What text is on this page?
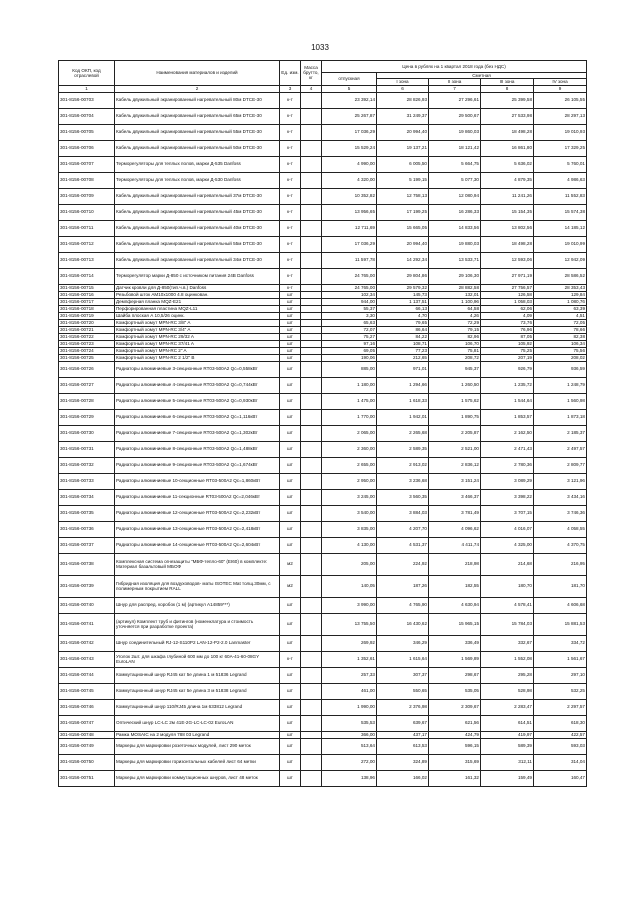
1033
Код ОКП, код отраслевой	Наименования материалов и изделий	Ед. изм.	Масса брутто, кг	Цена в рублях на 1 квартал 2018 года (без НДС)				
				отпускная	Сметная			
					I зона	II зона	III зона	IV зона
1	2	3	4	5	6	7	8	9
301-8156-00703	Кабель двужильный экранированный нагревательный 80м DTCE-30	к-т		23 392,14	28 826,93	27 296,61	25 399,58	26 105,55
301-8156-00704	Кабель двужильный экранированный нагревательный 65м DTCE-30	к-т		25 267,87	31 249,37	29 500,67	27 533,98	28 297,13
301-8156-00705	Кабель двужильный экранированный нагревательный 55м DTCE-30	к-т		17 036,29	20 994,40	19 860,03	18 498,28	19 010,93
301-8156-00706	Кабель двужильный экранированный нагревательный 50м DTCE-30	к-т		15 529,24	19 137,21	18 121,42	16 861,80	17 329,25
301-8156-00707	Терморегуляторы для теплых полов, марки Д-535 Danfoss	к-т		4 990,00	6 005,50	5 664,75	5 636,02	5 760,01
301-8156-00708	Терморегуляторы для теплых полов, марки Д-530 Danfoss	к-т		4 320,00	5 199,15	5 077,30	4 879,35	4 986,63
301-8156-00709	Кабель двужильный экранированный нагревательный 37м DTCE-30	к-т		10 352,82	12 758,13	12 080,94	11 241,26	11 552,83
301-8156-00710	Кабель двужильный экранированный нагревательный 45м DTCE-30	к-т		13 956,65	17 199,25	16 286,33	15 154,35	15 574,38
301-8156-00711	Кабель двужильный экранированный нагревательный 40м DTCE-30	к-т		12 711,69	15 665,05	14 833,56	13 802,56	14 185,12
301-8156-00712	Кабель двужильный экранированный нагревательный 55м DTCE-30	к-т		17 036,29	20 994,40	19 880,03	18 498,28	19 010,99
301-8156-00713	Кабель двужильный экранированный нагревательный 34м DTCE-30	к-т		11 597,78	14 292,34	13 533,71	12 593,06	12 942,09
301-8156-00714	Терморегулятор марки Д-850 с источником питания 24В Danfoss	к-т		24 765,00	29 804,86	29 106,30	27 971,19	28 586,52
301-8156-00715	Датчик кровли для Д-850(тип.ч.в.) Danfoss	к-т		24 765,00	29 579,32	28 882,58	27 756,57	28 353,43
301-8156-00716	Резьбовой шток АМ10х1000 4.8 оцинкован.	шт		102,34	145,73	132,01	126,58	129,84
301-8156-00717	Демпферная планка MQZ-E21	шт		944,00	1 137,51	1 100,96	1 058,03	1 080,76
301-8156-00718	Перфорированная пластина MQZ-L11	шт		55,37	66,13	64,58	62,06	63,39
301-8156-00719	Шайба плоская А 10,5/26 оцинк.	шт		3,30	4,70	4,26	4,09	4,51
301-8156-00720	Комфортный хомут MPN-RC 3/8" A	шт		65,63	79,65	72,29	73,76	72,05
301-8156-00721	Комфортный хомут MPN-RC 3/4" A	шт		72,07	86,64	79,15	76,96	78,66
301-8156-00722	Комфортный хомут MPN-RC 29/32 A	шт		75,27	84,22	82,96	87,05	82,38
301-8156-00723	Комфортный хомут MPN-RC 37/41 A	шт		97,16	108,71	106,70	105,92	106,34
301-8156-00724	Комфортный хомут MPN-RC 2" A	шт		69,05	77,23	75,81	75,25	75,56
301-8156-00725	Комфортный хомут MPN-RC 2 1/2" B	шт		190,06	212,65	208,72	207,19	208,02
301-8156-00726	Радиаторы алюминиевые 3-секционные RT03-500A2 Qc=0,558кВт	шт		885,00	971,01	945,37	926,79	936,59
301-8156-00727	Радиаторы алюминиевые 4-секционные RT03-500A2 Qc=0,744кВт	шт		1 180,00	1 294,66	1 260,50	1 235,72	1 248,79
301-8156-00728	Радиаторы алюминиевые 5-секционные RT03-500A2 Qc=0,930кВт	шт		1 475,00	1 618,33	1 575,62	1 544,64	1 560,98
301-8156-00729	Радиаторы алюминиевые 6-секционные RT03-500A2 Qc=1,116кВт	шт		1 770,00	1 942,01	1 890,75	1 853,57	1 873,18
301-8156-00730	Радиаторы алюминиевые 7-секционные RT03-500A2 Qc=1,302кВт	шт		2 065,00	2 265,68	2 205,87	2 162,50	2 185,37
301-8156-00731	Радиаторы алюминиевые 8-секционные RT03-500A2 Qc=1,488кВт	шт		2 360,00	2 589,35	2 521,00	2 471,43	2 497,57
301-8156-00732	Радиаторы алюминиевые 9-секционные RT03-500A2 Qc=1,674кВт	шт		2 655,00	2 913,02	2 836,12	2 780,36	2 809,77
301-8156-00733	Радиаторы алюминиевые 10-секционные RT03-500A2 Qc=1,860кВт	шт		2 950,00	3 236,68	3 151,24	3 089,29	3 121,96
301-8156-00734	Радиаторы алюминиевые 11-секционные RT03-500A2 Qc=2,046кВт	шт		3 245,00	3 560,35	3 466,37	3 398,22	3 434,16
301-8156-00735	Радиаторы алюминиевые 12-секционные RT03-500A2 Qc=2,232кВт	шт		3 540,00	3 884,03	3 781,49	3 707,15	3 746,36
301-8156-00736	Радиаторы алюминиевые 13-секционные RT03-500A2 Qc=2,418кВт	шт		3 835,00	4 207,70	4 096,62	4 016,07	4 058,55
301-8156-00737	Радиаторы алюминиевые 14-секционные RT03-500A2 Qc=2,604кВт	шт		4 130,00	4 531,37	4 411,74	4 325,00	4 370,75
301-8156-00738	Комплексная система огнезащиты "МБФ-тепло-60" (EI60) в комплекте: Материал базальтовый МБОФ	м2		205,00	224,92	218,98	214,68	216,95
301-8156-00739	Гибридная изоляция для воздуховодов- маты ISOTEC Mat толщ.30мм, с полимерным покрытием RALL	м2		140,05	187,26	182,55	180,70	181,70
301-8156-00740	Шнур для распред. коробок (1 м) (артикул A14859***)	шт		3 990,00	4 765,90	4 630,94	4 578,41	4 606,68
301-8156-00741	(артикул) Комплект труб и фитингов (номенклатура и стоимость уточняется при разработке проекта)	шт		13 755,50	16 430,62	15 965,15	15 784,03	15 881,53
301-8156-00742	Шнур соединительный RJ-12-S110P2 LAN-12-P2-2.0 Lanmaster	шт		269,92	346,29	336,49	332,67	334,72
301-8156-00743	Уголок 2шт. для шкафа глубиной 600 мм до 100 кг 60А-41-60-08GY EuroLAN	к-т		1 352,61	1 615,64	1 569,89	1 552,08	1 561,67
301-8156-00744	Коммутационный шнур RJ45 кат 5е длина 1 м 51836 Legrand	шт		257,33	307,37	298,67	295,28	297,10
301-8156-00745	Коммутационный шнур RJ45 кат 5е длина 3 м 51838 Legrand	шт		461,00	550,65	535,05	528,98	532,25
301-8156-00746	Коммутационный шнур 110/RJ45 длина 1м 633812 Legrand	шт		1 990,00	2 376,98	2 309,67	2 283,47	2 297,57
301-8156-00747	Оптический шнур LC-LC 2м 41E-2G-LC-LC-02 EuroLAN	шт		535,53	639,67	621,56	614,51	618,30
301-8156-00748	Рамка MOSAIC на 2 модуля 788 03 Legrand	шт		366,00	437,17	424,79	419,97	422,57
301-8156-00749	Маркеры для маркировки розеточных модулей, лист 290 меток	шт		513,64	613,53	596,15	589,39	593,03
301-8156-00750	Маркеры для маркировки горизонтальных кабелей лист 64 метки	шт		272,00	324,89	315,69	312,11	314,04
301-8156-00751	Маркеры для маркировки коммутационных шнуров, лист 48 меток	шт		138,96	166,02	161,32	159,49	160,47
